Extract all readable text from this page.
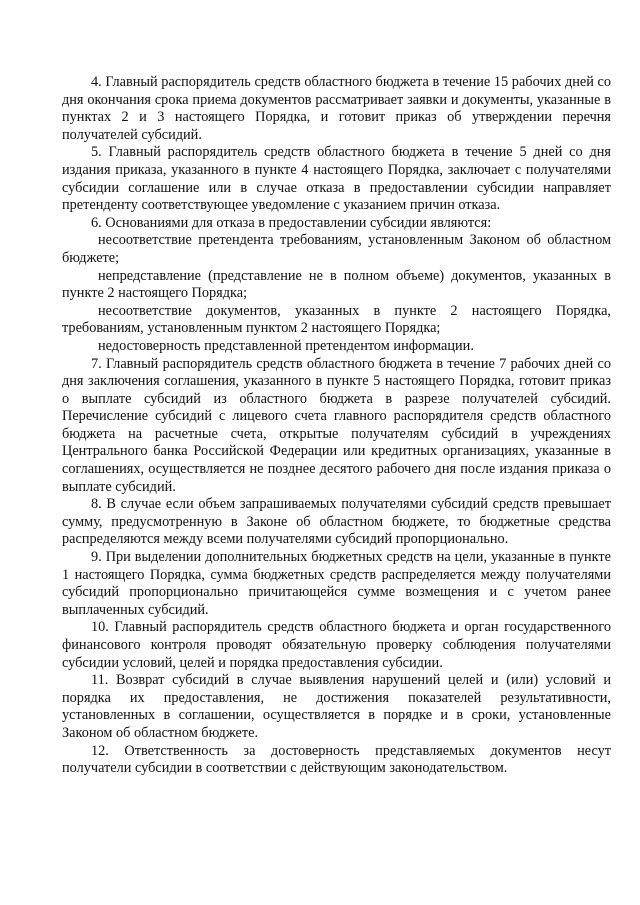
4. Главный распорядитель средств областного бюджета в течение 15 рабочих дней со дня окончания срока приема документов рассматривает заявки и документы, указанные в пунктах 2 и 3 настоящего Порядка, и готовит приказ об утверждении перечня получателей субсидий.

5. Главный распорядитель средств областного бюджета в течение 5 дней со дня издания приказа, указанного в пункте 4 настоящего Порядка, заключает с получателями субсидии соглашение или в случае отказа в предоставлении субсидии направляет претенденту соответствующее уведомление с указанием причин отказа.

6. Основаниями для отказа в предоставлении субсидии являются:

несоответствие претендента требованиям, установленным Законом об областном бюджете;

непредставление (представление не в полном объеме) документов, указанных в пункте 2 настоящего Порядка;

несоответствие документов, указанных в пункте 2 настоящего Порядка, требованиям, установленным пунктом 2 настоящего Порядка;

недостоверность представленной претендентом информации.

7. Главный распорядитель средств областного бюджета в течение 7 рабочих дней со дня заключения соглашения, указанного в пункте 5 настоящего Порядка, готовит приказ о выплате субсидий из областного бюджета в разрезе получателей субсидий. Перечисление субсидий с лицевого счета главного распорядителя средств областного бюджета на расчетные счета, открытые получателям субсидий в учреждениях Центрального банка Российской Федерации или кредитных организациях, указанные в соглашениях, осуществляется не позднее десятого рабочего дня после издания приказа о выплате субсидий.

8. В случае если объем запрашиваемых получателями субсидий средств превышает сумму, предусмотренную в Законе об областном бюджете, то бюджетные средства распределяются между всеми получателями субсидий пропорционально.

9. При выделении дополнительных бюджетных средств на цели, указанные в пункте 1 настоящего Порядка, сумма бюджетных средств распределяется между получателями субсидий пропорционально причитающейся сумме возмещения и с учетом ранее выплаченных субсидий.

10. Главный распорядитель средств областного бюджета и орган государственного финансового контроля проводят обязательную проверку соблюдения получателями субсидии условий, целей и порядка предоставления субсидии.

11. Возврат субсидий в случае выявления нарушений целей и (или) условий и порядка их предоставления, не достижения показателей результативности, установленных в соглашении, осуществляется в порядке и в сроки, установленные Законом об областном бюджете.

12. Ответственность за достоверность представляемых документов несут получатели субсидии в соответствии с действующим законодательством.
